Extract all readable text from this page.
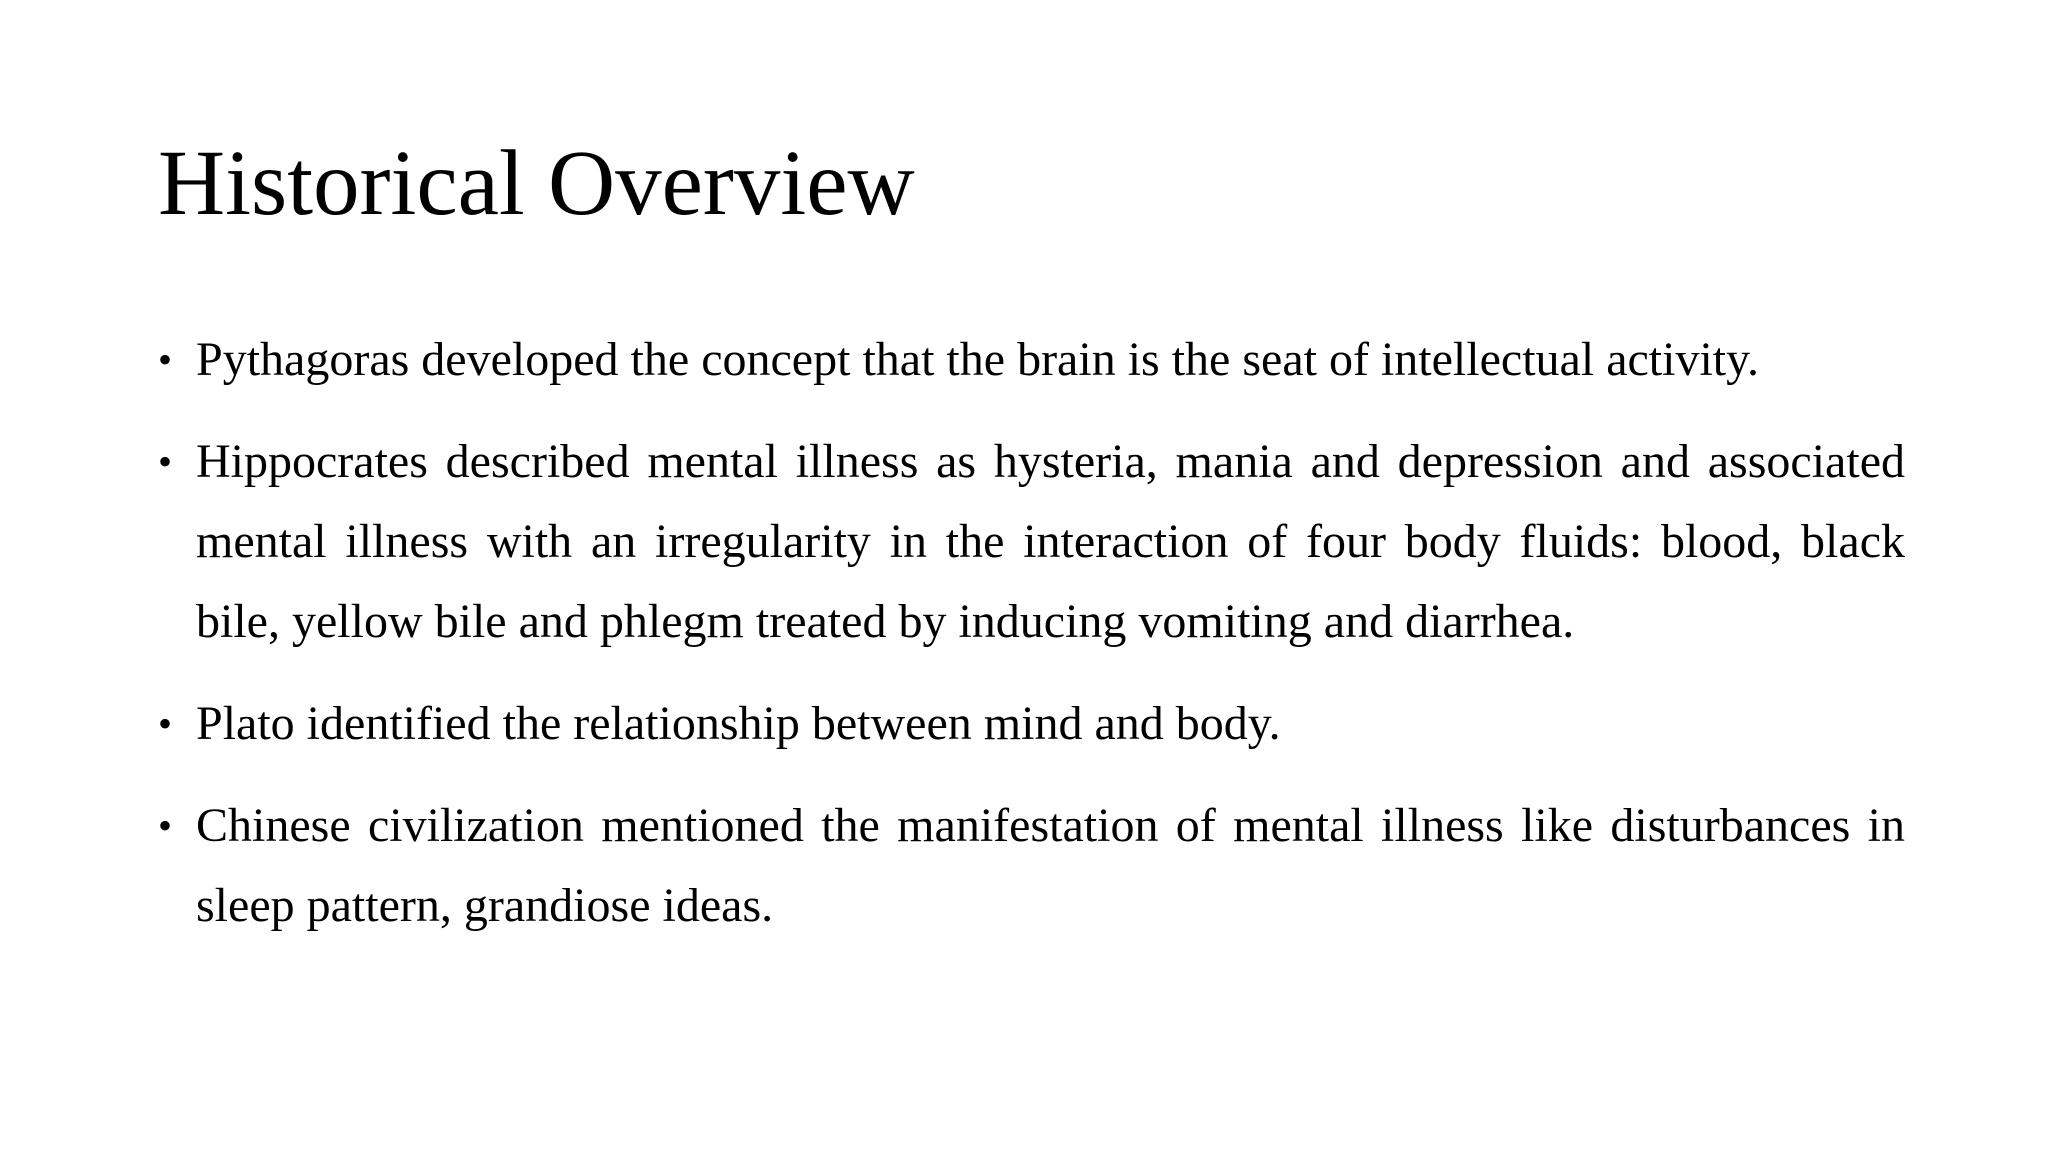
Historical Overview
• Pythagoras developed the concept that the brain is the seat of intellectual activity.
• Hippocrates described mental illness as hysteria, mania and depression and associated mental illness with an irregularity in the interaction of four body fluids: blood, black bile, yellow bile and phlegm treated by inducing vomiting and diarrhea.
• Plato identified the relationship between mind and body.
• Chinese civilization mentioned the manifestation of mental illness like disturbances in sleep pattern, grandiose ideas.
